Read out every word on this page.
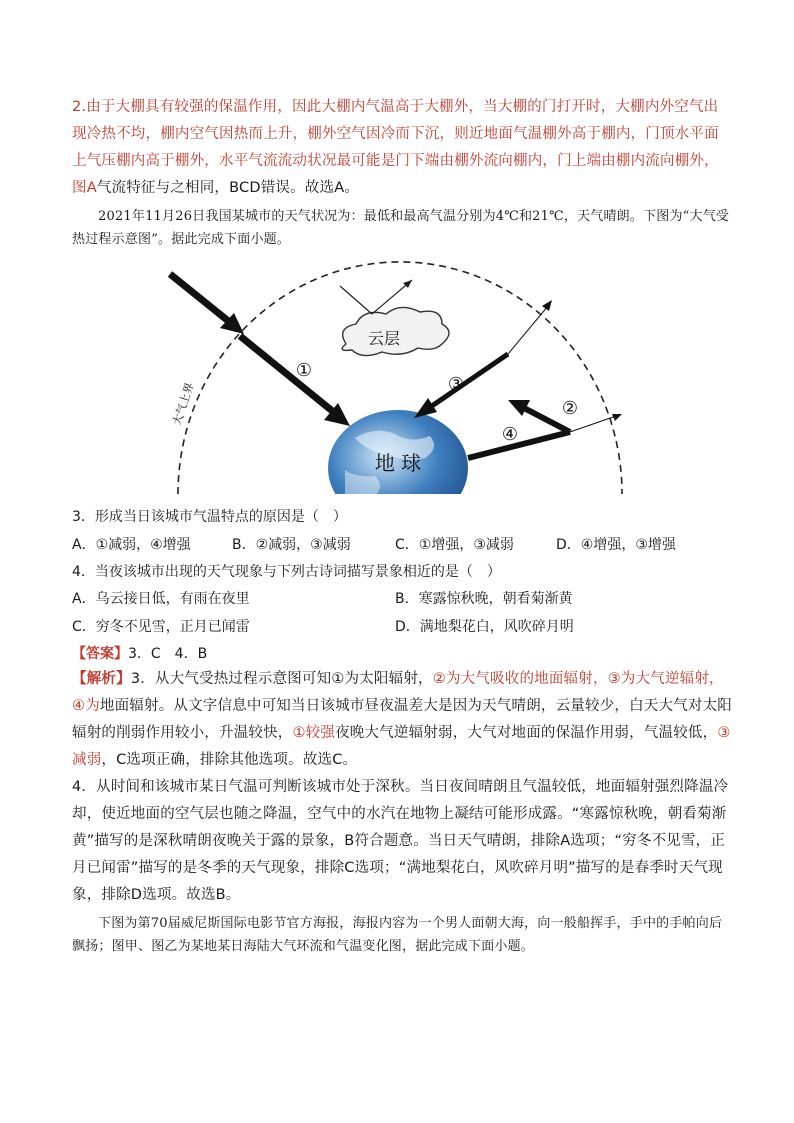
2.由于大棚具有较强的保温作用，因此大棚内气温高于大棚外，当大棚的门打开时，大棚内外空气出现冷热不均，棚内空气因热而上升，棚外空气因冷而下沉，则近地面气温棚外高于棚内，门顶水平面上气压棚内高于棚外，水平气流流动状况最可能是门下端由棚外流向棚内，门上端由棚内流向棚外，图A气流特征与之相同，BCD错误。故选A。
2021年11月26日我国某城市的天气状况为：最低和最高气温分别为4℃和21℃，天气晴朗。下图为“大气受热过程示意图”。据此完成下面小题。
地 球
云层
①
②
③
④
大气上界
3．形成当日该城市气温特点的原因是（　）
A．①减弱，④增强	B．②减弱，③减弱	C．①增强，③减弱	D．④增强，③增强
4．当夜该城市出现的天气现象与下列古诗词描写景象相近的是（　）
A．乌云接日低，有雨在夜里	B．寒露惊秋晚，朝看菊渐黄
C．穷冬不见雪，正月已闻雷	D．满地梨花白，风吹碎月明
【答案】3．C　4．B
【解析】3．从大气受热过程示意图可知①为太阳辐射，②为大气吸收的地面辐射，③为大气逆辐射，④为地面辐射。从文字信息中可知当日该城市昼夜温差大是因为天气晴朗，云量较少，白天大气对太阳辐射的削弱作用较小，升温较快，①较强夜晚大气逆辐射弱，大气对地面的保温作用弱，气温较低，③减弱，C选项正确，排除其他选项。故选C。
4．从时间和该城市某日气温可判断该城市处于深秋。当日夜间晴朗且气温较低，地面辐射强烈降温冷却，使近地面的空气层也随之降温，空气中的水汽在地物上凝结可能形成露。“寒露惊秋晚，朝看菊渐黄”描写的是深秋晴朗夜晚关于露的景象，B符合题意。当日天气晴朗，排除A选项；“穷冬不见雪，正月已闻雷”描写的是冬季的天气现象，排除C选项；“满地梨花白，风吹碎月明”描写的是春季时天气现象，排除D选项。故选B。
下图为第70届威尼斯国际电影节官方海报，海报内容为一个男人面朝大海，向一般船挥手，手中的手帕向后飘扬；图甲、图乙为某地某日海陆大气环流和气温变化图，据此完成下面小题。
